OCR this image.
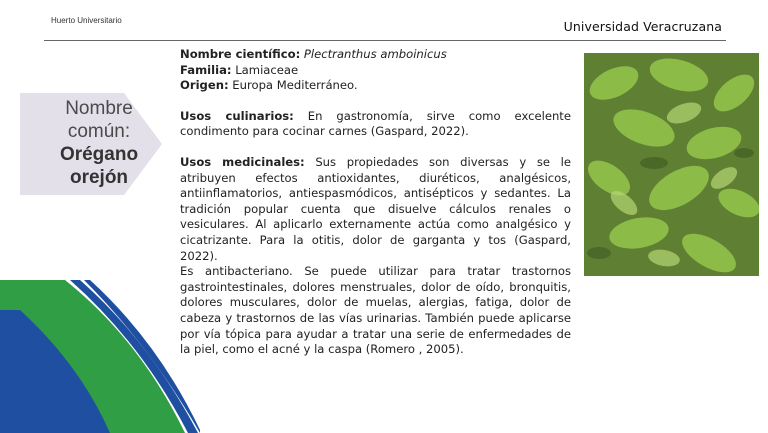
Huerto Universitario	Universidad Veracruzana
Nombre
común:
Orégano
orejón

Nombre científico: Plectranthus amboinicus

Familia: Lamiaceae

Origen: Europa Mediterráneo.

Usos culinarios: En gastronomía, sirve como excelente condimento para cocinar carnes (Gaspard, 2022).

Usos medicinales: Sus propiedades son diversas y se le atribuyen efectos antioxidantes, diuréticos, analgésicos, antiinflamatorios, antiespasmódicos, antisépticos y sedantes. La tradición popular cuenta que disuelve cálculos renales o vesiculares. Al aplicarlo externamente actúa como analgésico y cicatrizante. Para la otitis, dolor de garganta y tos (Gaspard, 2022).

Es antibacteriano. Se puede utilizar para tratar trastornos gastrointestinales, dolores menstruales, dolor de oído, bronquitis, dolores musculares, dolor de muelas, alergias, fatiga, dolor de cabeza y trastornos de las vías urinarias. También puede aplicarse por vía tópica para ayudar a tratar una serie de enfermedades de la piel, como el acné y la caspa (Romero , 2005).
